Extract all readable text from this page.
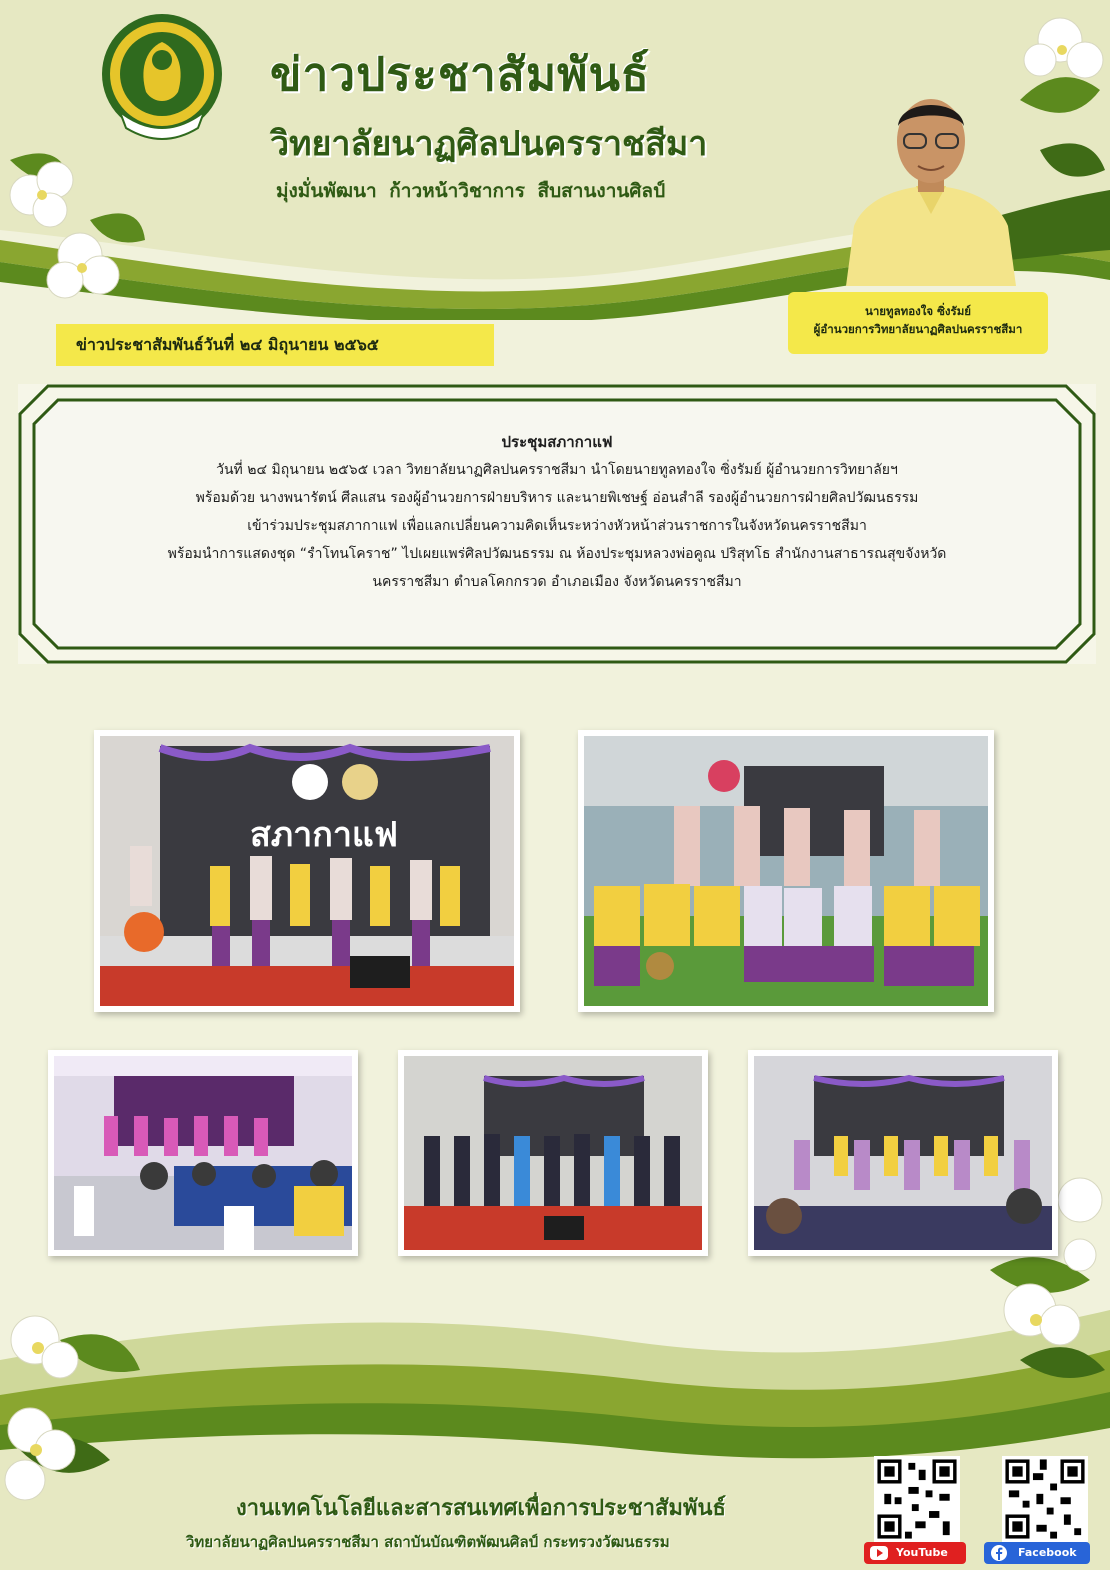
ข่าวประชาสัมพันธ์
วิทยาลัยนาฏศิลปนครราชสีมา
มุ่งมั่นพัฒนา ก้าวหน้าวิชาการ สืบสานงานศิลป์
นายทูลทองใจ ซิ่งรัมย์
ผู้อำนวยการวิทยาลัยนาฏศิลปนครราชสีมา
ข่าวประชาสัมพันธ์วันที่ ๒๔ มิถุนายน ๒๕๖๕
ประชุมสภากาแฟ
วันที่ ๒๔ มิถุนายน ๒๕๖๕ เวลา วิทยาลัยนาฏศิลปนครราชสีมา นำโดยนายทูลทองใจ ซิ่งรัมย์ ผู้อำนวยการวิทยาลัยฯ
พร้อมด้วย นางพนารัตน์ ศีลแสน รองผู้อำนวยการฝ่ายบริหาร และนายพิเชษฐ์ อ่อนสำลี รองผู้อำนวยการฝ่ายศิลปวัฒนธรรม
เข้าร่วมประชุมสภากาแฟ เพื่อแลกเปลี่ยนความคิดเห็นระหว่างหัวหน้าส่วนราชการในจังหวัดนครราชสีมา
พร้อมนำการแสดงชุด “รำโทนโคราช” ไปเผยแพร่ศิลปวัฒนธรรม ณ ห้องประชุมหลวงพ่อคูณ ปริสุทโธ สำนักงานสาธารณสุขจังหวัด
นครราชสีมา ตำบลโคกกรวด อำเภอเมือง จังหวัดนครราชสีมา
สภากาแฟ
งานเทคโนโลยีและสารสนเทศเพื่อการประชาสัมพันธ์
วิทยาลัยนาฏศิลปนครราชสีมา สถาบันบัณฑิตพัฒนศิลป์ กระทรวงวัฒนธรรม
YouTube	Facebook
